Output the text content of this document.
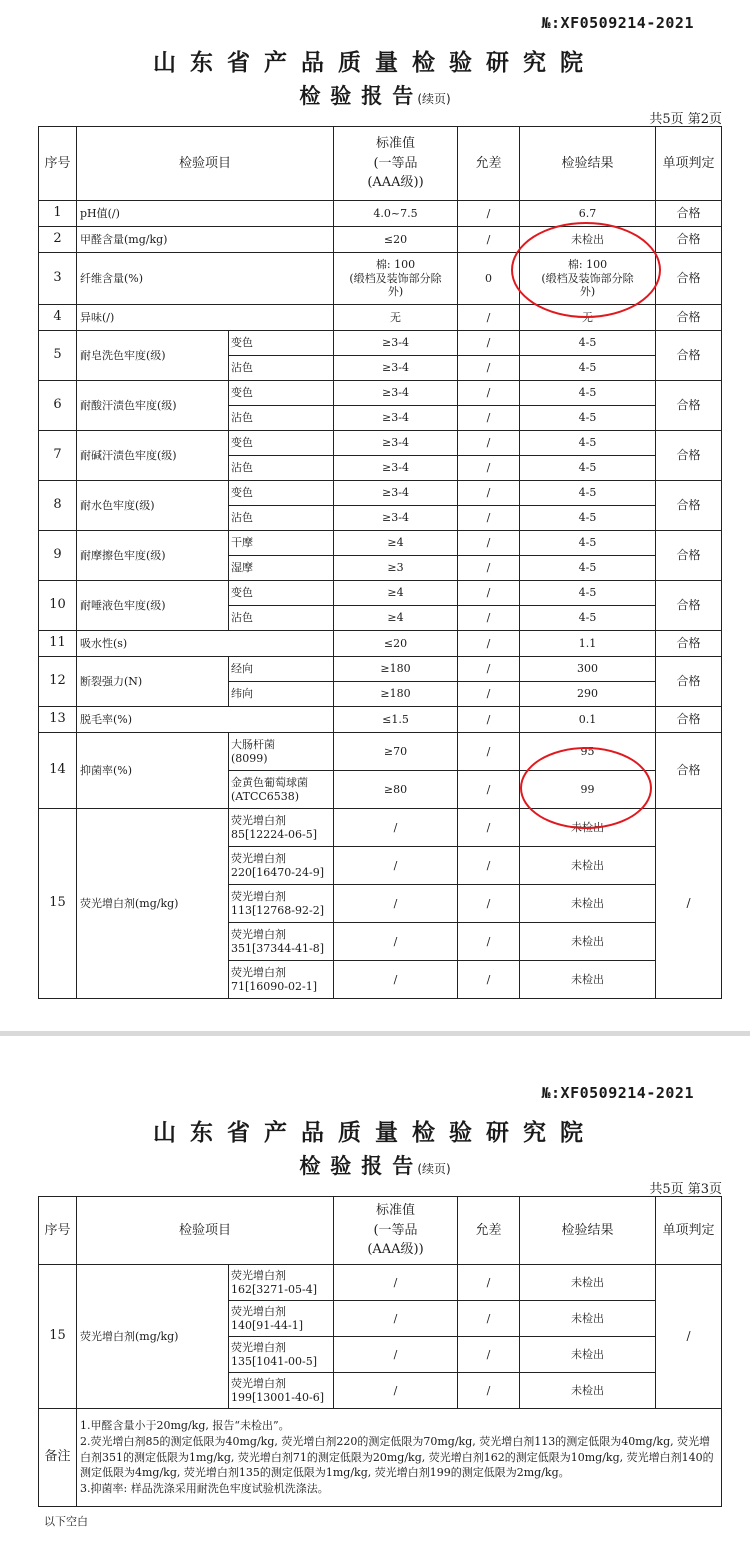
№:XF0509214-2021
山东省产品质量检验研究院
检验报告(续页)
共5页 第2页
序号	检验项目		标准值
(一等品
(AAA级))	允差	检验结果	单项判定
1	pH值(/)		4.0~7.5	/	6.7	合格
2	甲醛含量(mg/kg)		≤20	/	未检出	合格
3	纤维含量(%)		棉: 100
(缎档及装饰部分除
外)	0	棉: 100
(缎档及装饰部分除
外)	合格
4	异味(/)		无	/	无	合格
5	耐皂洗色牢度(级)	变色	≥3-4	/	4-5	合格
		沾色	≥3-4	/	4-5	
6	耐酸汗渍色牢度(级)	变色	≥3-4	/	4-5	合格
		沾色	≥3-4	/	4-5	
7	耐碱汗渍色牢度(级)	变色	≥3-4	/	4-5	合格
		沾色	≥3-4	/	4-5	
8	耐水色牢度(级)	变色	≥3-4	/	4-5	合格
		沾色	≥3-4	/	4-5	
9	耐摩擦色牢度(级)	干摩	≥4	/	4-5	合格
		湿摩	≥3	/	4-5	
10	耐唾液色牢度(级)	变色	≥4	/	4-5	合格
		沾色	≥4	/	4-5	
11	吸水性(s)		≤20	/	1.1	合格
12	断裂强力(N)	经向	≥180	/	300	合格
		纬向	≥180	/	290	
13	脱毛率(%)		≤1.5	/	0.1	合格
14	抑菌率(%)	大肠杆菌
(8099)	≥70	/	95	合格
		金黄色葡萄球菌
(ATCC6538)	≥80	/	99	
15	荧光增白剂(mg/kg)	荧光增白剂
85[12224-06-5]	/	/	未检出	/
		荧光增白剂
220[16470-24-9]	/	/	未检出	
		荧光增白剂
113[12768-92-2]	/	/	未检出	
		荧光增白剂
351[37344-41-8]	/	/	未检出	
		荧光增白剂
71[16090-02-1]	/	/	未检出	
№:XF0509214-2021
山东省产品质量检验研究院
检验报告(续页)
共5页 第3页
序号	检验项目		标准值
(一等品
(AAA级))	允差	检验结果	单项判定
15	荧光增白剂(mg/kg)	荧光增白剂
162[3271-05-4]	/	/	未检出	/
		荧光增白剂
140[91-44-1]	/	/	未检出	
		荧光增白剂
135[1041-00-5]	/	/	未检出	
		荧光增白剂
199[13001-40-6]	/	/	未检出	
备注	1.甲醛含量小于20mg/kg, 报告“未检出”。
2.荧光增白剂85的测定低限为40mg/kg, 荧光增白剂220的测定低限为70mg/kg, 荧光增白剂113的测定低限为40mg/kg, 荧光增白剂351的测定低限为1mg/kg, 荧光增白剂71的测定低限为20mg/kg, 荧光增白剂162的测定低限为10mg/kg, 荧光增白剂140的测定低限为4mg/kg, 荧光增白剂135的测定低限为1mg/kg, 荧光增白剂199的测定低限为2mg/kg。
3.抑菌率: 样品洗涤采用耐洗色牢度试验机洗涤法。					
以下空白
